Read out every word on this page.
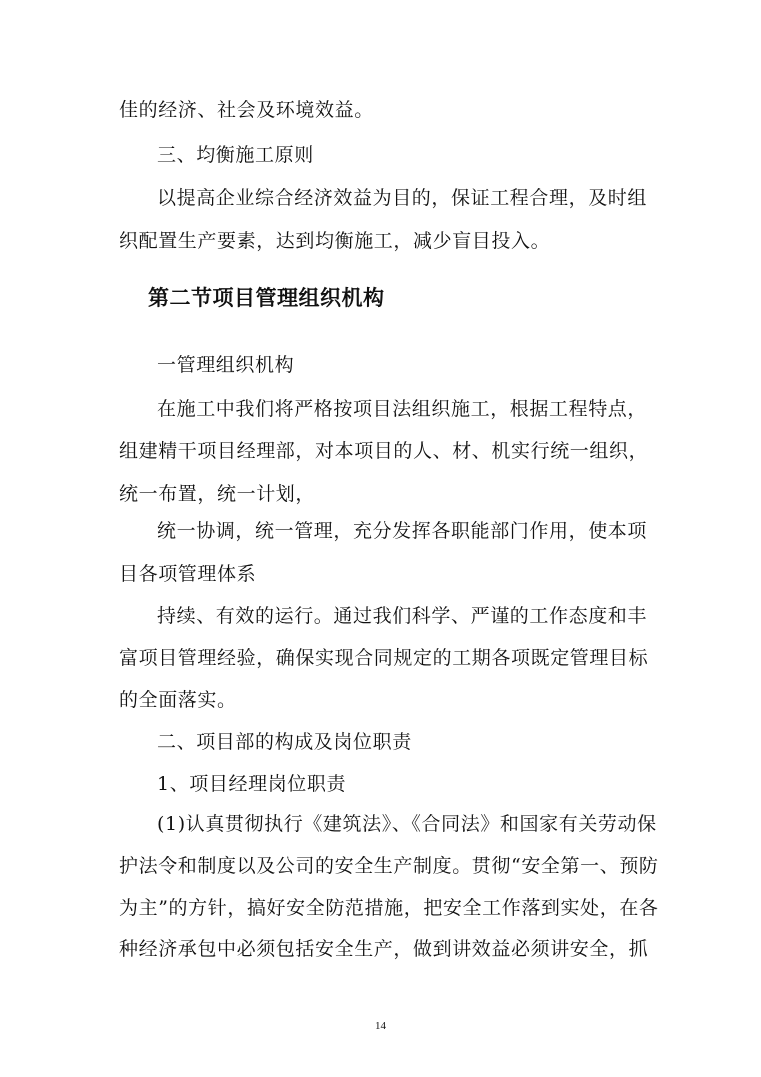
佳的经济、社会及环境效益。
三、均衡施工原则
以提高企业综合经济效益为目的，保证工程合理，及时组
织配置生产要素，达到均衡施工，减少盲目投入。
第二节项目管理组织机构
一管理组织机构
在施工中我们将严格按项目法组织施工，根据工程特点，
组建精干项目经理部，对本项目的人、材、机实行统一组织，
统一布置，统一计划，
统一协调，统一管理，充分发挥各职能部门作用，使本项
目各项管理体系
持续、有效的运行。通过我们科学、严谨的工作态度和丰
富项目管理经验，确保实现合同规定的工期各项既定管理目标
的全面落实。
二、项目部的构成及岗位职责
1、项目经理岗位职责
(1)认真贯彻执行《建筑法》、《合同法》和国家有关劳动保
护法令和制度以及公司的安全生产制度。贯彻“安全第一、预防
为主”的方针，搞好安全防范措施，把安全工作落到实处，在各
种经济承包中必须包括安全生产，做到讲效益必须讲安全，抓
14
